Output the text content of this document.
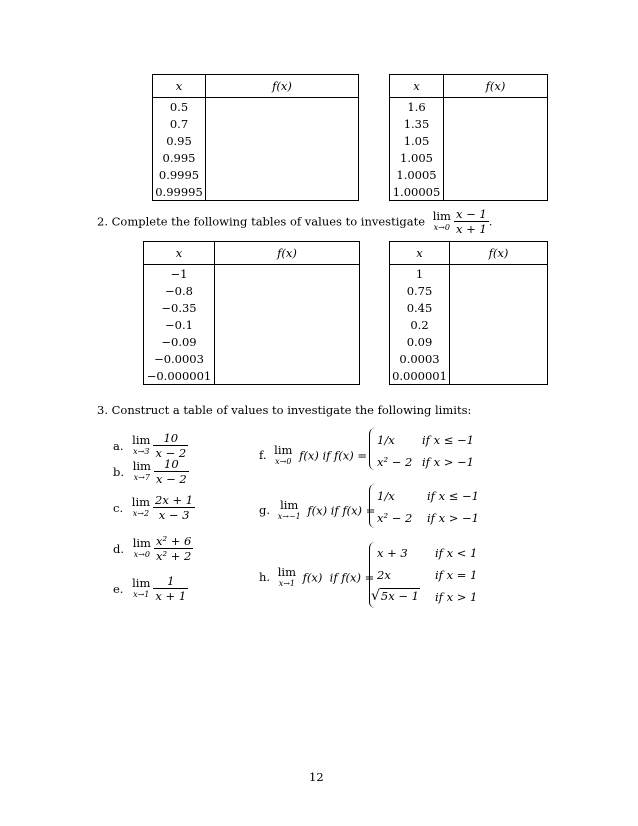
x	f(x)
0.5	
0.7	
0.95	
0.995	
0.9995	
0.99995	
x	f(x)
1.6	
1.35	
1.05	
1.005	
1.0005	
1.00005	
2. Complete the following tables of values to investigate lim
$x\to 0 \frac{x - 1}{x + 1}$ .
x	f(x)
−1	
−0.8	
−0.35	
−0.1	
−0.09	
−0.0003	
−0.000001	
x	f(x)
1	
0.75	
0.45	
0.2	
0.09	
0.0003	
0.000001	
3. Construct a table of values to investigate the following limits:
a. lim
$x\to 3 \frac{10}{x - 2}$
b. lim
$x\to 7 \frac{10}{x - 2}$
c. lim
$x\to 2 \frac{2x + 1}{x - 3}$
d. lim
$x\to 0 \frac{\text{x² + 6}}{\text{x² + 2}}$
e. lim
$x\to 1 \frac{1}{x + 1}$
f. lim
x→0 f(x) if f(x) =
1/x if x ≤ −1
x² − 2 if x > −1
g. lim
x→−1 f(x) if f(x) =
1/x	if x ≤ −1
x² − 2 if x > −1
h. lim
x→1 f(x)  if f(x) =
x + 3 if x < 1
2x	if x = 1
√5x − 1 if x > 1
12
